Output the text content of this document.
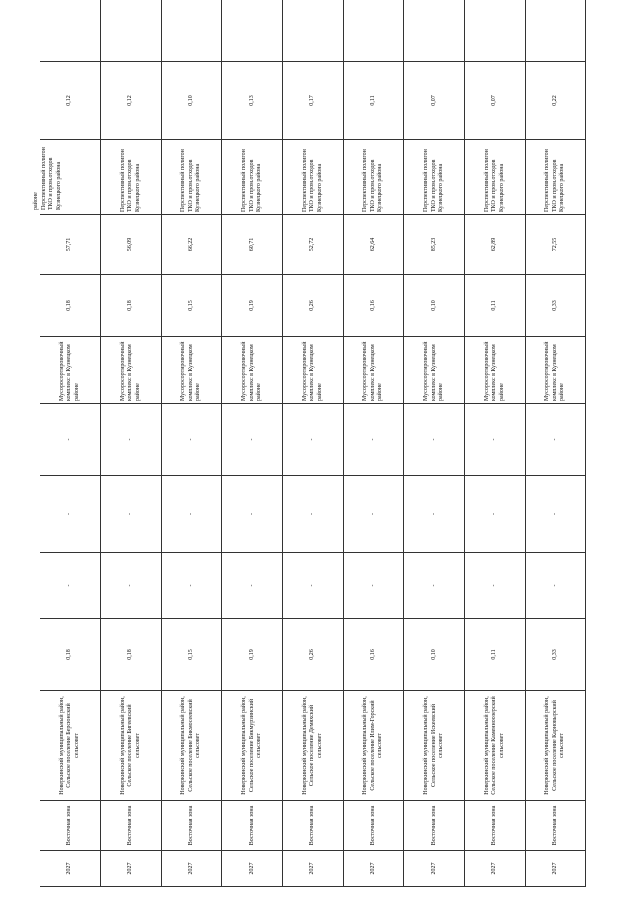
2027	Восточная зона	Новеркинский муниципальный район, Сельское поселение Берсюнский сельсовет	0,18	-	-	-	Мусоросортировочный комплекс в Кузнецком районе	0,18	57,71	районе Перспективный полигон ТКО и пром.отходов Кузнецкого района	0,12	
2027	Восточная зона	Новеркинский муниципальный район, Сельское поселение Бигеевский сельсовет	0,18	-	-	-	Мусоросортировочный комплекс в Кузнецком районе	0,18	56,09	Перспективный полигон ТКО и пром.отходов Кузнецкого района	0,12	
2027	Восточная зона	Новеркинский муниципальный район, Сельское поселение Бикмосеевский сельсовет	0,15	-	-	-	Мусоросортировочный комплекс в Кузнецком районе	0,15	66,22	Перспективный полигон ТКО и пром.отходов Кузнецкого района	0,10	
2027	Восточная зона	Новеркинский муниципальный район, Сельское поселение Бикмурзинский сельсовет	0,19	-	-	-	Мусоросортировочный комплекс в Кузнецком районе	0,19	60,71	Перспективный полигон ТКО и пром.отходов Кузнецкого района	0,13	
2027	Восточная зона	Новеркинский муниципальный район, Сельское поселение Демяхский сельсовет	0,26	-	-	-	Мусоросортировочный комплекс в Кузнецком районе	0,26	52,72	Перспективный полигон ТКО и пром.отходов Кузнецкого района	0,17	
2027	Восточная зона	Новеркинский муниципальный район, Сельское поселение Илим-Горский сельсовет	0,16	-	-	-	Мусоросортировочный комплекс в Кузнецком районе	0,16	62,64	Перспективный полигон ТКО и пром.отходов Кузнецкого района	0,11	
2027	Восточная зона	Новеркинский муниципальный район, Сельское поселение Искеевский сельсовет	0,10	-	-	-	Мусоросортировочный комплекс в Кузнецком районе	0,10	85,23	Перспективный полигон ТКО и пром.отходов Кузнецкого района	0,07	
2027	Восточная зона	Новеркинский муниципальный район, Сельское поселение Каменноозерский сельсовет	0,11	-	-	-	Мусоросортировочный комплекс в Кузнецком районе	0,11	62,89	Перспективный полигон ТКО и пром.отходов Кузнецкого района	0,07	
2027	Восточная зона	Новеркинский муниципальный район, Сельское поселение Карновырский сельсовет	0,33	-	-	-	Мусоросортировочный комплекс в Кузнецком районе	0,33	72,55	Перспективный полигон ТКО и пром.отходов Кузнецкого района	0,22	
